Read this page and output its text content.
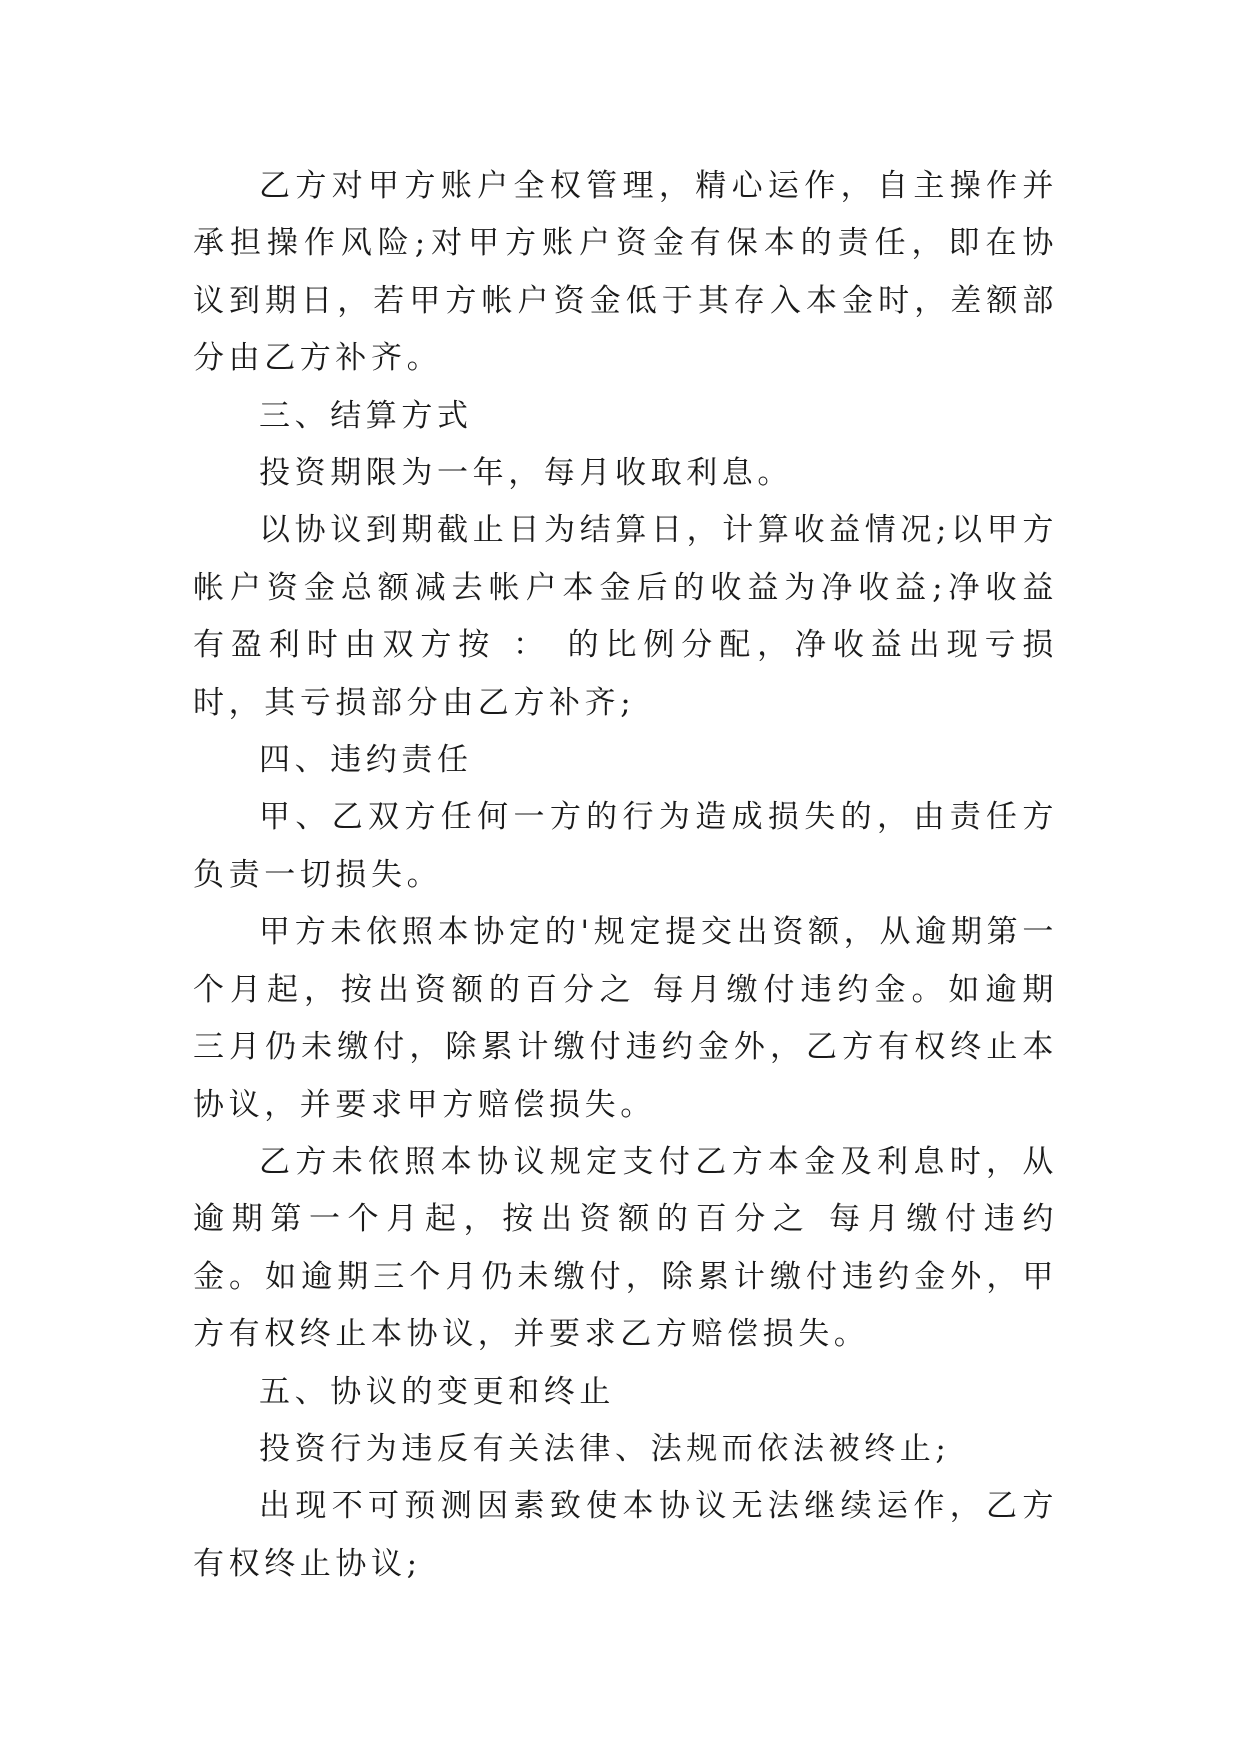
乙方对甲方账户全权管理，精心运作，自主操作并承担操作风险;对甲方账户资金有保本的责任，即在协议到期日，若甲方帐户资金低于其存入本金时，差额部分由乙方补齐。

三、结算方式

投资期限为一年，每月收取利息。

以协议到期截止日为结算日，计算收益情况;以甲方帐户资金总额减去帐户本金后的收益为净收益;净收益有盈利时由双方按 ： 的比例分配，净收益出现亏损时，其亏损部分由乙方补齐;

四、违约责任

甲、乙双方任何一方的行为造成损失的，由责任方负责一切损失。

甲方未依照本协定的'规定提交出资额，从逾期第一个月起，按出资额的百分之 每月缴付违约金。如逾期三月仍未缴付，除累计缴付违约金外，乙方有权终止本协议，并要求甲方赔偿损失。

乙方未依照本协议规定支付乙方本金及利息时，从逾期第一个月起，按出资额的百分之 每月缴付违约金。如逾期三个月仍未缴付，除累计缴付违约金外，甲方有权终止本协议，并要求乙方赔偿损失。

五、协议的变更和终止

投资行为违反有关法律、法规而依法被终止;

出现不可预测因素致使本协议无法继续运作，乙方有权终止协议;
